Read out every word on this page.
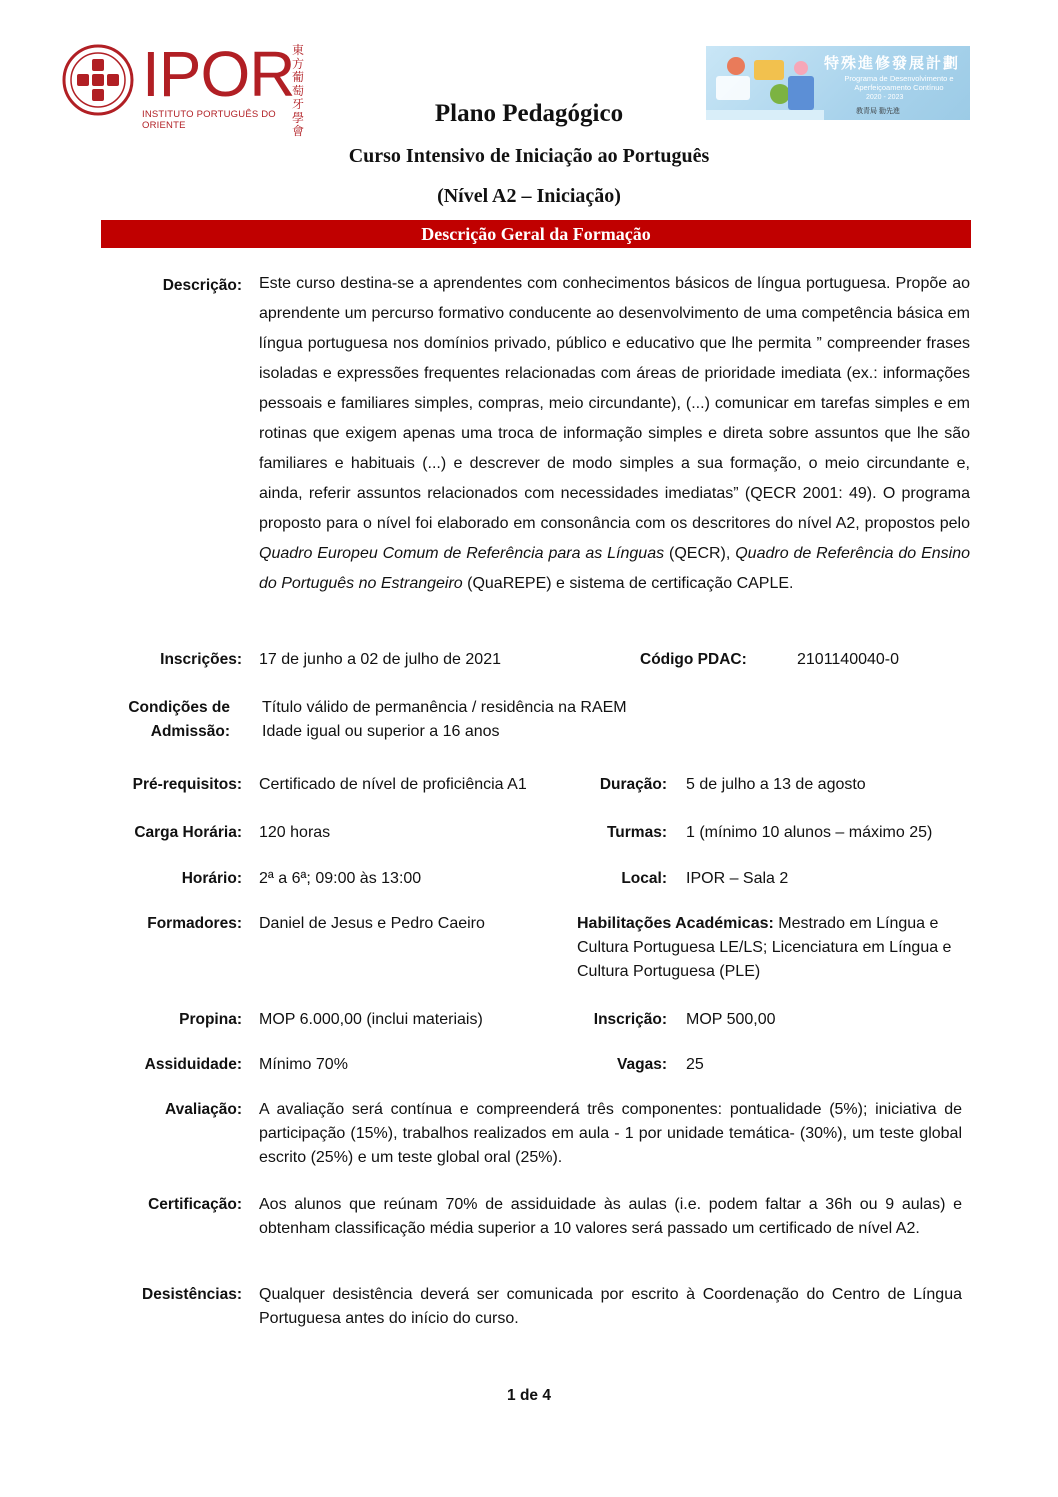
IPOR
INSTITUTO PORTUGUÊS DO ORIENTE
東方葡萄牙學會
特殊進修發展計劃
Programa de Desenvolvimento e Aperfeiçoamento Contínuo
2020 - 2023
教青局 勸先進
Plano Pedagógico
Curso Intensivo de Iniciação ao Português
(Nível A2 – Iniciação)
Descrição Geral da Formação
Descrição: Este curso destina-se a aprendentes com conhecimentos básicos de língua portuguesa. Propõe ao aprendente um percurso formativo conducente ao desenvolvimento de uma competência básica em língua portuguesa nos domínios privado, público e educativo que lhe permita ” compreender frases isoladas e expressões frequentes relacionadas com áreas de prioridade imediata (ex.: informações pessoais e familiares simples, compras, meio circundante), (...) comunicar em tarefas simples e em rotinas que exigem apenas uma troca de informação simples e direta sobre assuntos que lhe são familiares e habituais (...) e descrever de modo simples a sua formação, o meio circundante e, ainda, referir assuntos relacionados com necessidades imediatas” (QECR 2001: 49). O programa proposto para o nível foi elaborado em consonância com os descritores do nível A2, propostos pelo Quadro Europeu Comum de Referência para as Línguas (QECR), Quadro de Referência do Ensino do Português no Estrangeiro (QuaREPE) e sistema de certificação CAPLE.
Inscrições: 17 de junho a 02 de julho de 2021	Código PDAC:	2101140040-0
Condições de
Admissão:
Título válido de permanência / residência na RAEM
Idade igual ou superior a 16 anos
Pré-requisitos: Certificado de nível de proficiência A1	Duração: 5 de julho a 13 de agosto
Carga Horária: 120 horas	Turmas: 1 (mínimo 10 alunos – máximo 25)
Horário: 2ª a 6ª; 09:00 às 13:00	Local: IPOR – Sala 2
Formadores: Daniel de Jesus e Pedro Caeiro	Habilitações Académicas: Mestrado em Língua e Cultura Portuguesa LE/LS; Licenciatura em Língua e Cultura Portuguesa (PLE)
Propina: MOP 6.000,00 (inclui materiais)	Inscrição: MOP 500,00
Assiduidade: Mínimo 70%	Vagas: 25
Avaliação: A avaliação será contínua e compreenderá três componentes: pontualidade (5%); iniciativa de participação (15%), trabalhos realizados em aula - 1 por unidade temática- (30%), um teste global escrito (25%) e um teste global oral (25%).
Certificação: Aos alunos que reúnam 70% de assiduidade às aulas (i.e. podem faltar a 36h ou 9 aulas) e obtenham classificação média superior a 10 valores será passado um certificado de nível A2.
Desistências: Qualquer desistência deverá ser comunicada por escrito à Coordenação do Centro de Língua Portuguesa antes do início do curso.
1 de 4
